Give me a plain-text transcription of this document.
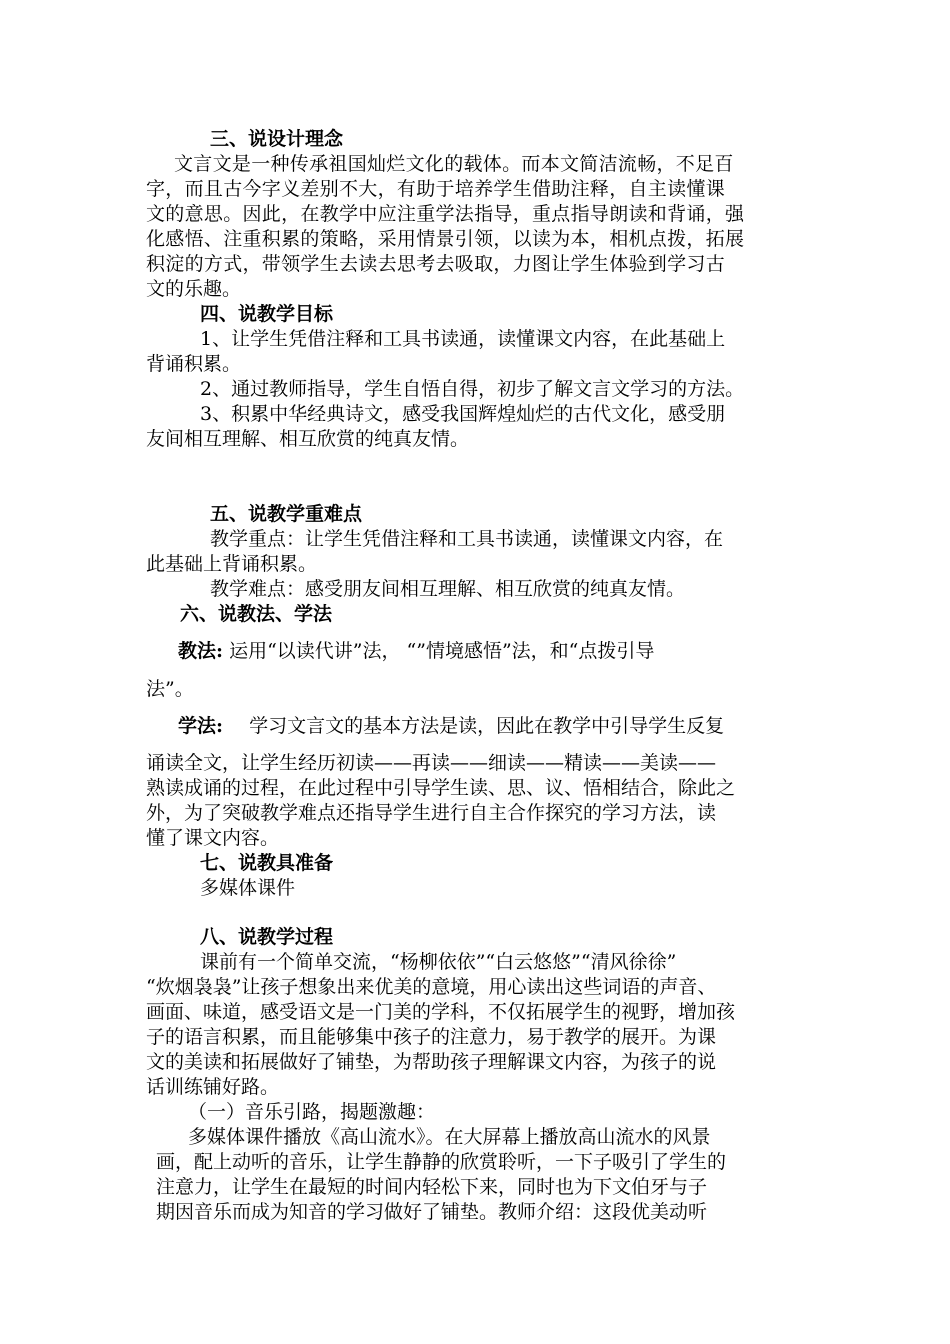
三、说设计理念
文言文是一种传承祖国灿烂文化的载体。而本文简洁流畅，不足百
字，而且古今字义差别不大，有助于培养学生借助注释，自主读懂课
文的意思。因此，在教学中应注重学法指导，重点指导朗读和背诵，强
化感悟、注重积累的策略，采用情景引领，以读为本，相机点拨，拓展
积淀的方式，带领学生去读去思考去吸取，力图让学生体验到学习古
文的乐趣。
四、说教学目标
1、让学生凭借注释和工具书读通，读懂课文内容，在此基础上
背诵积累。
2、通过教师指导，学生自悟自得，初步了解文言文学习的方法。
3、积累中华经典诗文，感受我国辉煌灿烂的古代文化，感受朋
友间相互理解、相互欣赏的纯真友情。
五、说教学重难点
教学重点：让学生凭借注释和工具书读通，读懂课文内容，在
此基础上背诵积累。
教学难点：感受朋友间相互理解、相互欣赏的纯真友情。
六、说教法、学法
教法: 运用“以读代讲”法， “”情境感悟”法，和“点拨引导
法”。
学法: 学习文言文的基本方法是读，因此在教学中引导学生反复
诵读全文，让学生经历初读——再读——细读——精读——美读——
熟读成诵的过程，在此过程中引导学生读、思、议、悟相结合，除此之
外，为了突破教学难点还指导学生进行自主合作探究的学习方法，读
懂了课文内容。
七、说教具准备
多媒体课件
八、说教学过程
课前有一个简单交流，“杨柳依依”“白云悠悠”“清风徐徐”
“炊烟袅袅”让孩子想象出来优美的意境，用心读出这些词语的声音、
画面、味道，感受语文是一门美的学科，不仅拓展学生的视野，增加孩
子的语言积累，而且能够集中孩子的注意力，易于教学的展开。为课
文的美读和拓展做好了铺垫，为帮助孩子理解课文内容，为孩子的说
话训练铺好路。
（一）音乐引路，揭题激趣：
多媒体课件播放《高山流水》。在大屏幕上播放高山流水的风景
画，配上动听的音乐，让学生静静的欣赏聆听，一下子吸引了学生的
注意力，让学生在最短的时间内轻松下来，同时也为下文伯牙与子
期因音乐而成为知音的学习做好了铺垫。教师介绍：这段优美动听
